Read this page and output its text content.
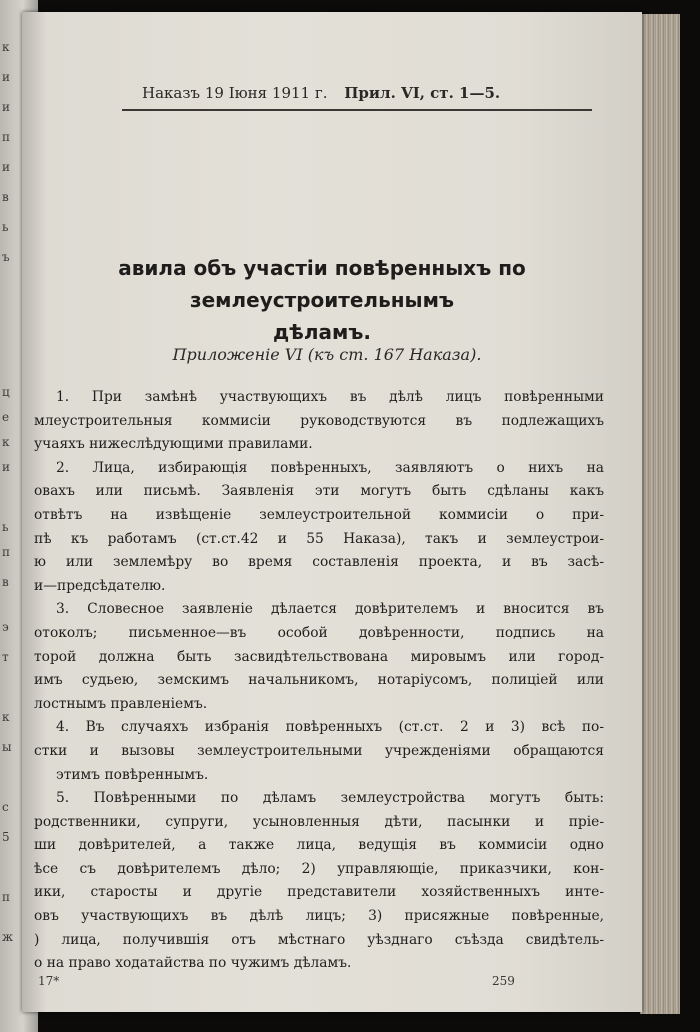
к
и
и
п
и
в
ь
ъ
ц
е
к
и
ь
п
в
э
т
к
ы
с
5
п
ж
Наказъ 19 Іюня 1911 г. Прил. VI, ст. 1—5.
авила объ участіи повѣренныхъ по землеустроительнымъ
дѣламъ.
Приложеніе VI (къ ст. 167 Наказа).
1. При замѣнѣ участвующихъ въ дѣлѣ лицъ повѣренными
млеустроительныя коммисіи руководствуются въ подлежащихъ
учаяхъ нижеслѣдующими правилами.
2. Лица, избирающія повѣренныхъ, заявляютъ о нихъ на
овахъ или письмѣ. Заявленія эти могутъ быть сдѣланы какъ
отвѣтъ на извѣщеніе землеустроительной коммисіи о при-
пѣ къ работамъ (ст.ст.42 и 55 Наказа), такъ и землеустрои-
ю или землемѣру во время составленія проекта, и въ засѣ-
и—предсѣдателю.
3. Словесное заявленіе дѣлается довѣрителемъ и вносится въ
отоколъ; письменное—въ особой довѣренности, подпись на
торой должна быть засвидѣтельствована мировымъ или город-
имъ судьею, земскимъ начальникомъ, нотаріусомъ, полиціей или
лостнымъ правленіемъ.
4. Въ случаяхъ избранія повѣренныхъ (ст.ст. 2 и 3) всѣ по-
стки и вызовы землеустроительными учрежденіями обращаются
этимъ повѣреннымъ.
5. Повѣренными по дѣламъ землеустройства могутъ быть:
родственники, супруги, усыновленныя дѣти, пасынки и пріе-
ши довѣрителей, а также лица, ведущія въ коммисіи одно
ѣсе съ довѣрителемъ дѣло; 2) управляющіе, приказчики, кон-
ики, старосты и другіе представители хозяйственныхъ инте-
овъ участвующихъ въ дѣлѣ лицъ; 3) присяжные повѣренные,
) лица, получившія отъ мѣстнаго уѣзднаго съѣзда свидѣтель-
о на право ходатайства по чужимъ дѣламъ.
17*	259
